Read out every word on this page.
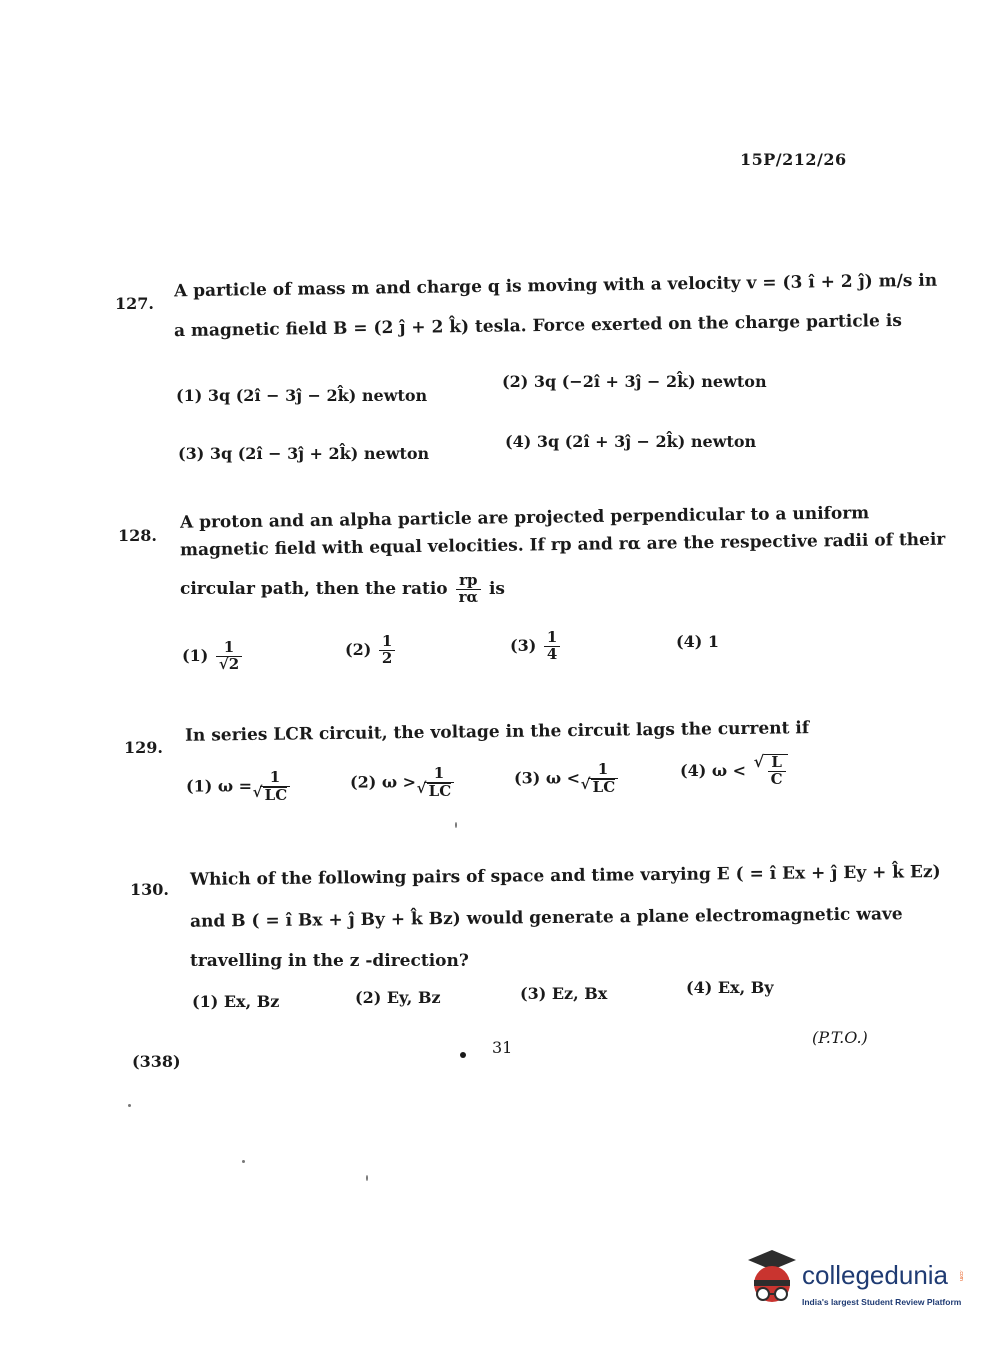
15P/212/26
127.
A particle of mass m and charge q is moving with a velocity v = (3 î + 2 ĵ) m/s in
a magnetic field B = (2 ĵ + 2 k̂) tesla. Force exerted on the charge particle is
(1) 3q (2î − 3ĵ − 2k̂) newton
(2) 3q (−2î + 3ĵ − 2k̂) newton
(3) 3q (2î − 3ĵ + 2k̂) newton
(4) 3q (2î + 3ĵ − 2k̂) newton
128.
A proton and an alpha particle are projected perpendicular to a uniform
magnetic field with equal velocities. If rp and rα are the respective radii of their
circular path, then the ratio $\frac{rp}{r\alpha}$ is
$(1) \frac{1}{√2}$	$(2) \frac{1}{2}$	$(3) \frac{1}{4}$	(4) 1
129.
In series LCR circuit, the voltage in the circuit lags the current if
(1) ω = 1
√ LC	(2) ω > 1
√ LC	(3) ω < 1
√ LC	(4) ω <
√ $\frac{L}{C}$
130. Which of the following pairs of space and time varying E ( = î Ex + ĵ Ey + k̂ Ez)
and B ( = î Bx + ĵ By + k̂ Bz) would generate a plane electromagnetic wave
travelling in the z -direction?
(1) Ex, Bz	(2) Ey, Bz	(3) Ez, Bx	(4) Ex, By
(338)
31
(P.T.O.)
collegedunia .com
India's largest Student Review Platform
